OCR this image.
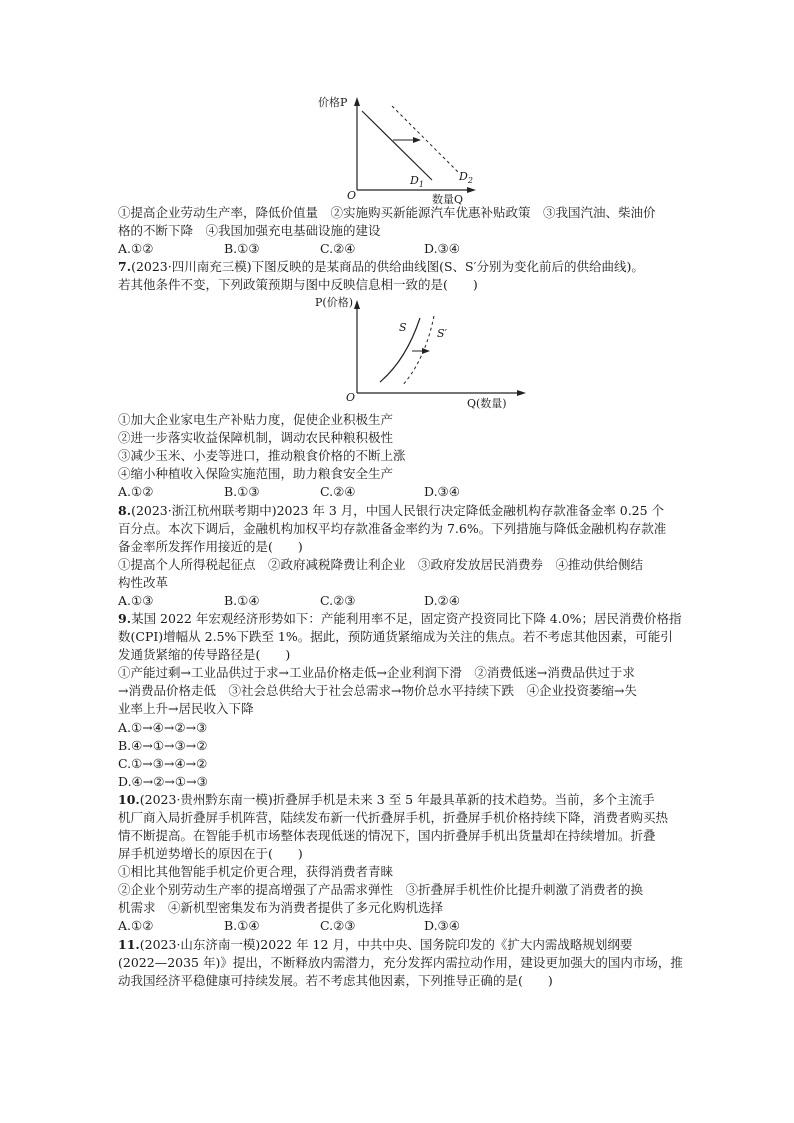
价格P
O	数量Q
$D_1$
$D_2$
①提高企业劳动生产率，降低价值量　②实施购买新能源汽车优惠补贴政策　③我国汽油、柴油价
格的不断下降　④我国加强充电基础设施的建设
A.①②	B.①③	C.②④	D.③④
7.(2023·四川南充三模)下图反映的是某商品的供给曲线图(S、S′分别为变化前后的供给曲线)。
若其他条件不变，下列政策预期与图中反映信息相一致的是(　　)
P(价格)
O	Q(数量)
S	S′
①加大企业家电生产补贴力度，促使企业积极生产
②进一步落实收益保障机制，调动农民种粮积极性
③减少玉米、小麦等进口，推动粮食价格的不断上涨
④缩小种植收入保险实施范围，助力粮食安全生产
A.①②	B.①③	C.②④	D.③④
8.(2023·浙江杭州联考期中)2023 年 3 月，中国人民银行决定降低金融机构存款准备金率 0.25 个
百分点。本次下调后，金融机构加权平均存款准备金率约为 7.6%。下列措施与降低金融机构存款准
备金率所发挥作用接近的是(　　)
①提高个人所得税起征点　②政府减税降费让利企业　③政府发放居民消费券　④推动供给侧结
构性改革
A.①③	B.①④	C.②③	D.②④
9.某国 2022 年宏观经济形势如下：产能利用率不足，固定资产投资同比下降 4.0%；居民消费价格指
数(CPI)增幅从 2.5%下跌至 1%。据此，预防通货紧缩成为关注的焦点。若不考虑其他因素，可能引
发通货紧缩的传导路径是(　　)
①产能过剩→工业品供过于求→工业品价格走低→企业利润下滑　②消费低迷→消费品供过于求
→消费品价格走低　③社会总供给大于社会总需求→物价总水平持续下跌　④企业投资萎缩→失
业率上升→居民收入下降
A.①→④→②→③
B.④→①→③→②
C.①→③→④→②
D.④→②→①→③
10.(2023·贵州黔东南一模)折叠屏手机是未来 3 至 5 年最具革新的技术趋势。当前，多个主流手
机厂商入局折叠屏手机阵营，陆续发布新一代折叠屏手机，折叠屏手机价格持续下降，消费者购买热
情不断提高。在智能手机市场整体表现低迷的情况下，国内折叠屏手机出货量却在持续增加。折叠
屏手机逆势增长的原因在于(　　)
①相比其他智能手机定价更合理，获得消费者青睐
②企业个别劳动生产率的提高增强了产品需求弹性　③折叠屏手机性价比提升刺激了消费者的换
机需求　④新机型密集发布为消费者提供了多元化购机选择
A.①②	B.①④	C.②③	D.③④
11.(2023·山东济南一模)2022 年 12 月，中共中央、国务院印发的《扩大内需战略规划纲要
(2022—2035 年)》提出，不断释放内需潜力，充分发挥内需拉动作用，建设更加强大的国内市场，推
动我国经济平稳健康可持续发展。若不考虑其他因素，下列推导正确的是(　　)
